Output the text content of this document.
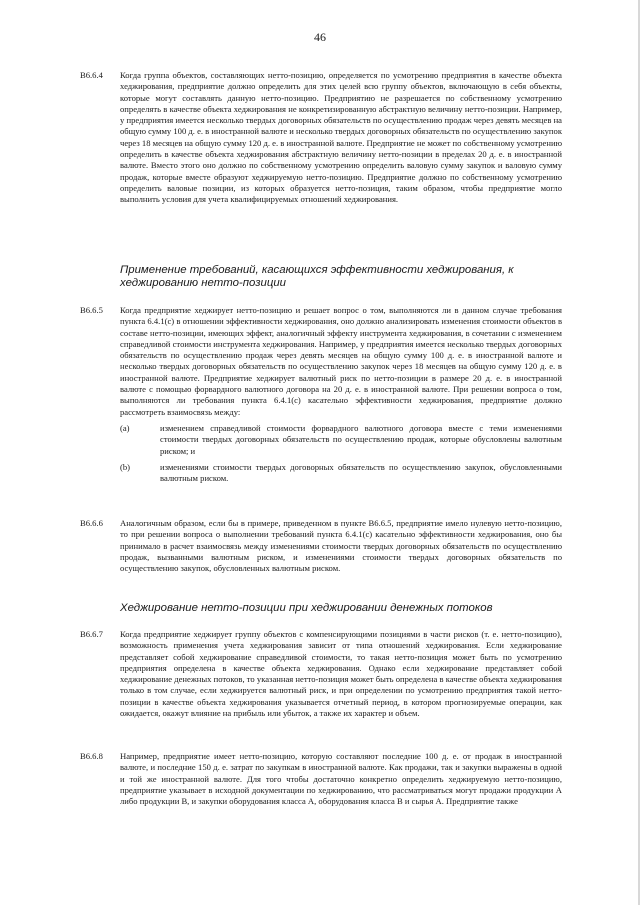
46
B6.6.4	Когда группа объектов, составляющих нетто-позицию, определяется по усмотрению предприятия в качестве объекта хеджирования, предприятие должно определить для этих целей всю группу объектов, включающую в себя объекты, которые могут составлять данную нетто-позицию. Предприятию не разрешается по собственному усмотрению определять в качестве объекта хеджирования не конкретизированную абстрактную величину нетто-позиции. Например, у предприятия имеется несколько твердых договорных обязательств по осуществлению продаж через девять месяцев на общую сумму 100 д. е. в иностранной валюте и несколько твердых договорных обязательств по осуществлению закупок через 18 месяцев на общую сумму 120 д. е. в иностранной валюте. Предприятие не может по собственному усмотрению определить в качестве объекта хеджирования абстрактную величину нетто-позиции в пределах 20 д. е. в иностранной валюте. Вместо этого оно должно по собственному усмотрению определить валовую сумму закупок и валовую сумму продаж, которые вместе образуют хеджируемую нетто-позицию. Предприятие должно по собственному усмотрению определить валовые позиции, из которых образуется нетто-позиция, таким образом, чтобы предприятие могло выполнить условия для учета квалифицируемых отношений хеджирования.

Применение требований, касающихся эффективности хеджирования, к хеджированию нетто-позиции
B6.6.5	Когда предприятие хеджирует нетто-позицию и решает вопрос о том, выполняются ли в данном случае требования пункта 6.4.1(c) в отношении эффективности хеджирования, оно должно анализировать изменения стоимости объектов в составе нетто-позиции, имеющих эффект, аналогичный эффекту инструмента хеджирования, в сочетании с изменением справедливой стоимости инструмента хеджирования. Например, у предприятия имеется несколько твердых договорных обязательств по осуществлению продаж через девять месяцев на общую сумму 100 д. е. в иностранной валюте и несколько твердых договорных обязательств по осуществлению закупок через 18 месяцев на общую сумму 120 д. е. в иностранной валюте. Предприятие хеджирует валютный риск по нетто-позиции в размере 20 д. е. в иностранной валюте с помощью форвардного валютного договора на 20 д. е. в иностранной валюте. При решении вопроса о том, выполняются ли требования пункта 6.4.1(c) касательно эффективности хеджирования, предприятие должно рассмотреть взаимосвязь между:

(a)	изменением справедливой стоимости форвардного валютного договора вместе с теми изменениями стоимости твердых договорных обязательств по осуществлению продаж, которые обусловлены валютным риском; и
(b)	изменениями стоимости твердых договорных обязательств по осуществлению закупок, обусловленными валютным риском.
B6.6.6	Аналогичным образом, если бы в примере, приведенном в пункте B6.6.5, предприятие имело нулевую нетто-позицию, то при решении вопроса о выполнении требований пункта 6.4.1(c) касательно эффективности хеджирования, оно бы принимало в расчет взаимосвязь между изменениями стоимости твердых договорных обязательств по осуществлению продаж, вызванными валютным риском, и изменениями стоимости твердых договорных обязательств по осуществлению закупок, обусловленных валютным риском.

Хеджирование нетто-позиции при хеджировании денежных потоков
B6.6.7	Когда предприятие хеджирует группу объектов с компенсирующими позициями в части рисков (т. е. нетто-позицию), возможность применения учета хеджирования зависит от типа отношений хеджирования. Если хеджирование представляет собой хеджирование справедливой стоимости, то такая нетто-позиция может быть по усмотрению предприятия определена в качестве объекта хеджирования. Однако если хеджирование представляет собой хеджирование денежных потоков, то указанная нетто-позиция может быть определена в качестве объекта хеджирования только в том случае, если хеджируется валютный риск, и при определении по усмотрению предприятия такой нетто-позиции в качестве объекта хеджирования указывается отчетный период, в котором прогнозируемые операции, как ожидается, окажут влияние на прибыль или убыток, а также их характер и объем.

B6.6.8	Например, предприятие имеет нетто-позицию, которую составляют последние 100 д. е. от продаж в иностранной валюте, и последние 150 д. е. затрат по закупкам в иностранной валюте. Как продажи, так и закупки выражены в одной и той же иностранной валюте. Для того чтобы достаточно конкретно определить хеджируемую нетто-позицию, предприятие указывает в исходной документации по хеджированию, что рассматриваться могут продажи продукции А либо продукции В, и закупки оборудования класса А, оборудования класса В и сырья А. Предприятие также
